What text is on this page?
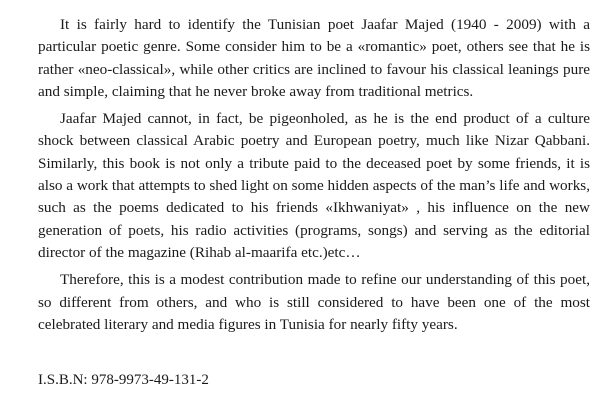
It is fairly hard to identify the Tunisian poet Jaafar Majed (1940 - 2009) with a particular poetic genre. Some consider him to be a «romantic» poet, others see that he is rather «neo-classical», while other critics are inclined to favour his classical leanings pure and simple, claiming that he never broke away from traditional metrics.

Jaafar Majed cannot, in fact, be pigeonholed, as he is the end product of a culture shock between classical Arabic poetry and European poetry, much like Nizar Qabbani. Similarly, this book is not only a tribute paid to the deceased poet by some friends, it is also a work that attempts to shed light on some hidden aspects of the man’s life and works, such as the poems dedicated to his friends «Ikhwaniyat» , his influence on the new generation of poets, his radio activities (programs, songs) and serving as the editorial director of the magazine (Rihab al-maarifa etc.)etc…

Therefore, this is a modest contribution made to refine our understanding of this poet, so different from others, and who is still considered to have been one of the most celebrated literary and media figures in Tunisia for nearly fifty years.

I.S.B.N: 978-9973-49-131-2
